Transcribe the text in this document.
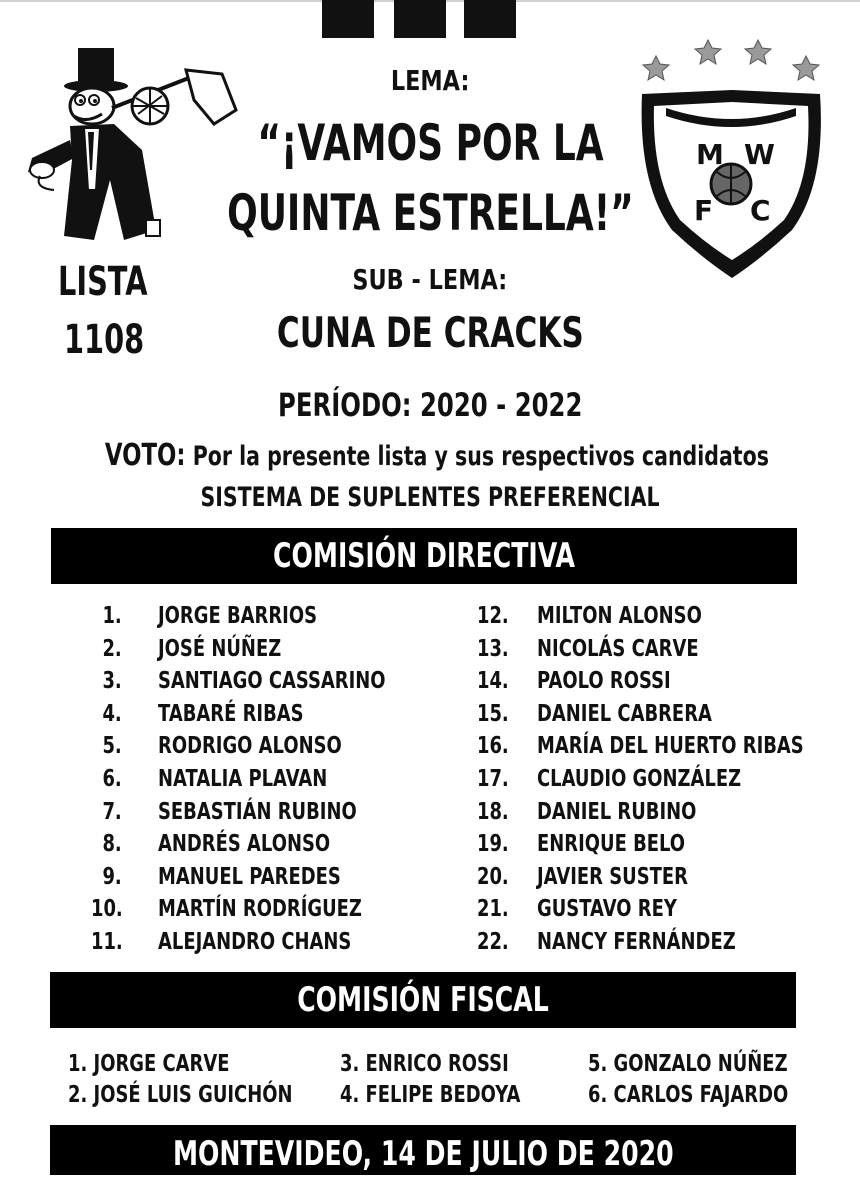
M W
F C
LISTA
1108
LEMA:
“¡VAMOS POR LA
QUINTA ESTRELLA!”
SUB - LEMA:
CUNA DE CRACKS
PERÍODO: 2020 - 2022
VOTO: Por la presente lista y sus respectivos candidatos
SISTEMA DE SUPLENTES PREFERENCIAL
COMISIÓN DIRECTIVA
1. JORGE BARRIOS
2. JOSÉ NÚÑEZ
3. SANTIAGO CASSARINO
4. TABARÉ RIBAS
5. RODRIGO ALONSO
6. NATALIA PLAVAN
7. SEBASTIÁN RUBINO
8. ANDRÉS ALONSO
9. MANUEL PAREDES
10. MARTÍN RODRÍGUEZ
11. ALEJANDRO CHANS
12. MILTON ALONSO
13. NICOLÁS CARVE
14. PAOLO ROSSI
15. DANIEL CABRERA
16. MARÍA DEL HUERTO RIBAS
17. CLAUDIO GONZÁLEZ
18. DANIEL RUBINO
19. ENRIQUE BELO
20. JAVIER SUSTER
21. GUSTAVO REY
22. NANCY FERNÁNDEZ
COMISIÓN FISCAL
1. JORGE CARVE
2. JOSÉ LUIS GUICHÓN
3. ENRICO ROSSI
4. FELIPE BEDOYA
5. GONZALO NÚÑEZ
6. CARLOS FAJARDO
MONTEVIDEO, 14 DE JULIO DE 2020
